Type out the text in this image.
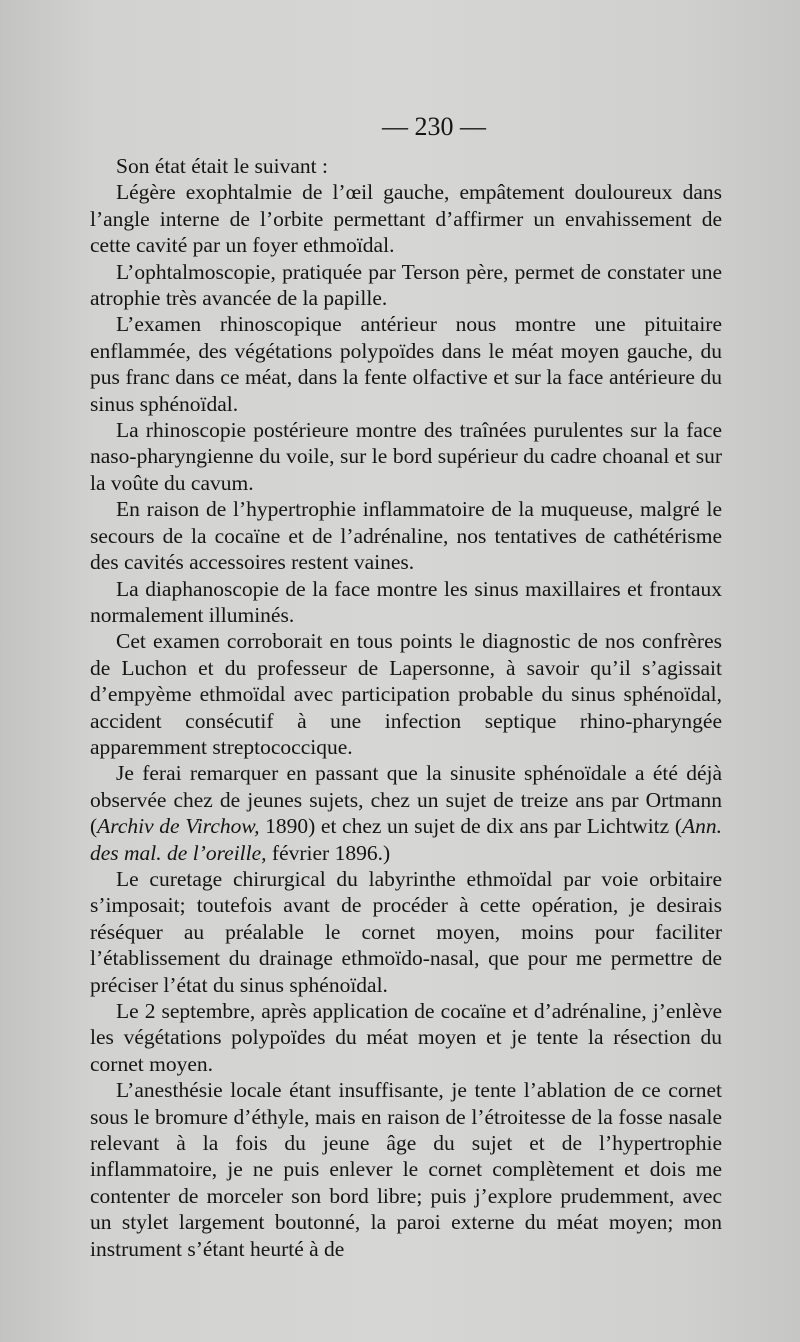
— 230 —

Son état était le suivant :

Légère exophtalmie de l’œil gauche, empâtement douloureux dans l’angle interne de l’orbite permettant d’affirmer un envahissement de cette cavité par un foyer ethmoïdal.

L’ophtalmoscopie, pratiquée par Terson père, permet de constater une atrophie très avancée de la papille.

L’examen rhinoscopique antérieur nous montre une pituitaire enflammée, des végétations polypoïdes dans le méat moyen gauche, du pus franc dans ce méat, dans la fente olfactive et sur la face antérieure du sinus sphénoïdal.

La rhinoscopie postérieure montre des traînées purulentes sur la face naso-pharyngienne du voile, sur le bord supérieur du cadre choanal et sur la voûte du cavum.

En raison de l’hypertrophie inflammatoire de la muqueuse, malgré le secours de la cocaïne et de l’adrénaline, nos tentatives de cathétérisme des cavités accessoires restent vaines.

La diaphanoscopie de la face montre les sinus maxillaires et frontaux normalement illuminés.

Cet examen corroborait en tous points le diagnostic de nos confrères de Luchon et du professeur de Lapersonne, à savoir qu’il s’agissait d’empyème ethmoïdal avec participation probable du sinus sphénoïdal, accident consécutif à une infection septique rhino-pharyngée apparemment streptococcique.

Je ferai remarquer en passant que la sinusite sphénoïdale a été déjà observée chez de jeunes sujets, chez un sujet de treize ans par Ortmann (Archiv de Virchow, 1890) et chez un sujet de dix ans par Lichtwitz (Ann. des mal. de l’oreille, février 1896.)

Le curetage chirurgical du labyrinthe ethmoïdal par voie orbitaire s’imposait; toutefois avant de procéder à cette opération, je desirais réséquer au préalable le cornet moyen, moins pour faciliter l’établissement du drainage ethmoïdo-nasal, que pour me permettre de préciser l’état du sinus sphénoïdal.

Le 2 septembre, après application de cocaïne et d’adrénaline, j’enlève les végétations polypoïdes du méat moyen et je tente la résection du cornet moyen.

L’anesthésie locale étant insuffisante, je tente l’ablation de ce cornet sous le bromure d’éthyle, mais en raison de l’étroitesse de la fosse nasale relevant à la fois du jeune âge du sujet et de l’hypertrophie inflammatoire, je ne puis enlever le cornet complètement et dois me contenter de morceler son bord libre; puis j’explore prudemment, avec un stylet largement boutonné, la paroi externe du méat moyen; mon instrument s’étant heurté à de
